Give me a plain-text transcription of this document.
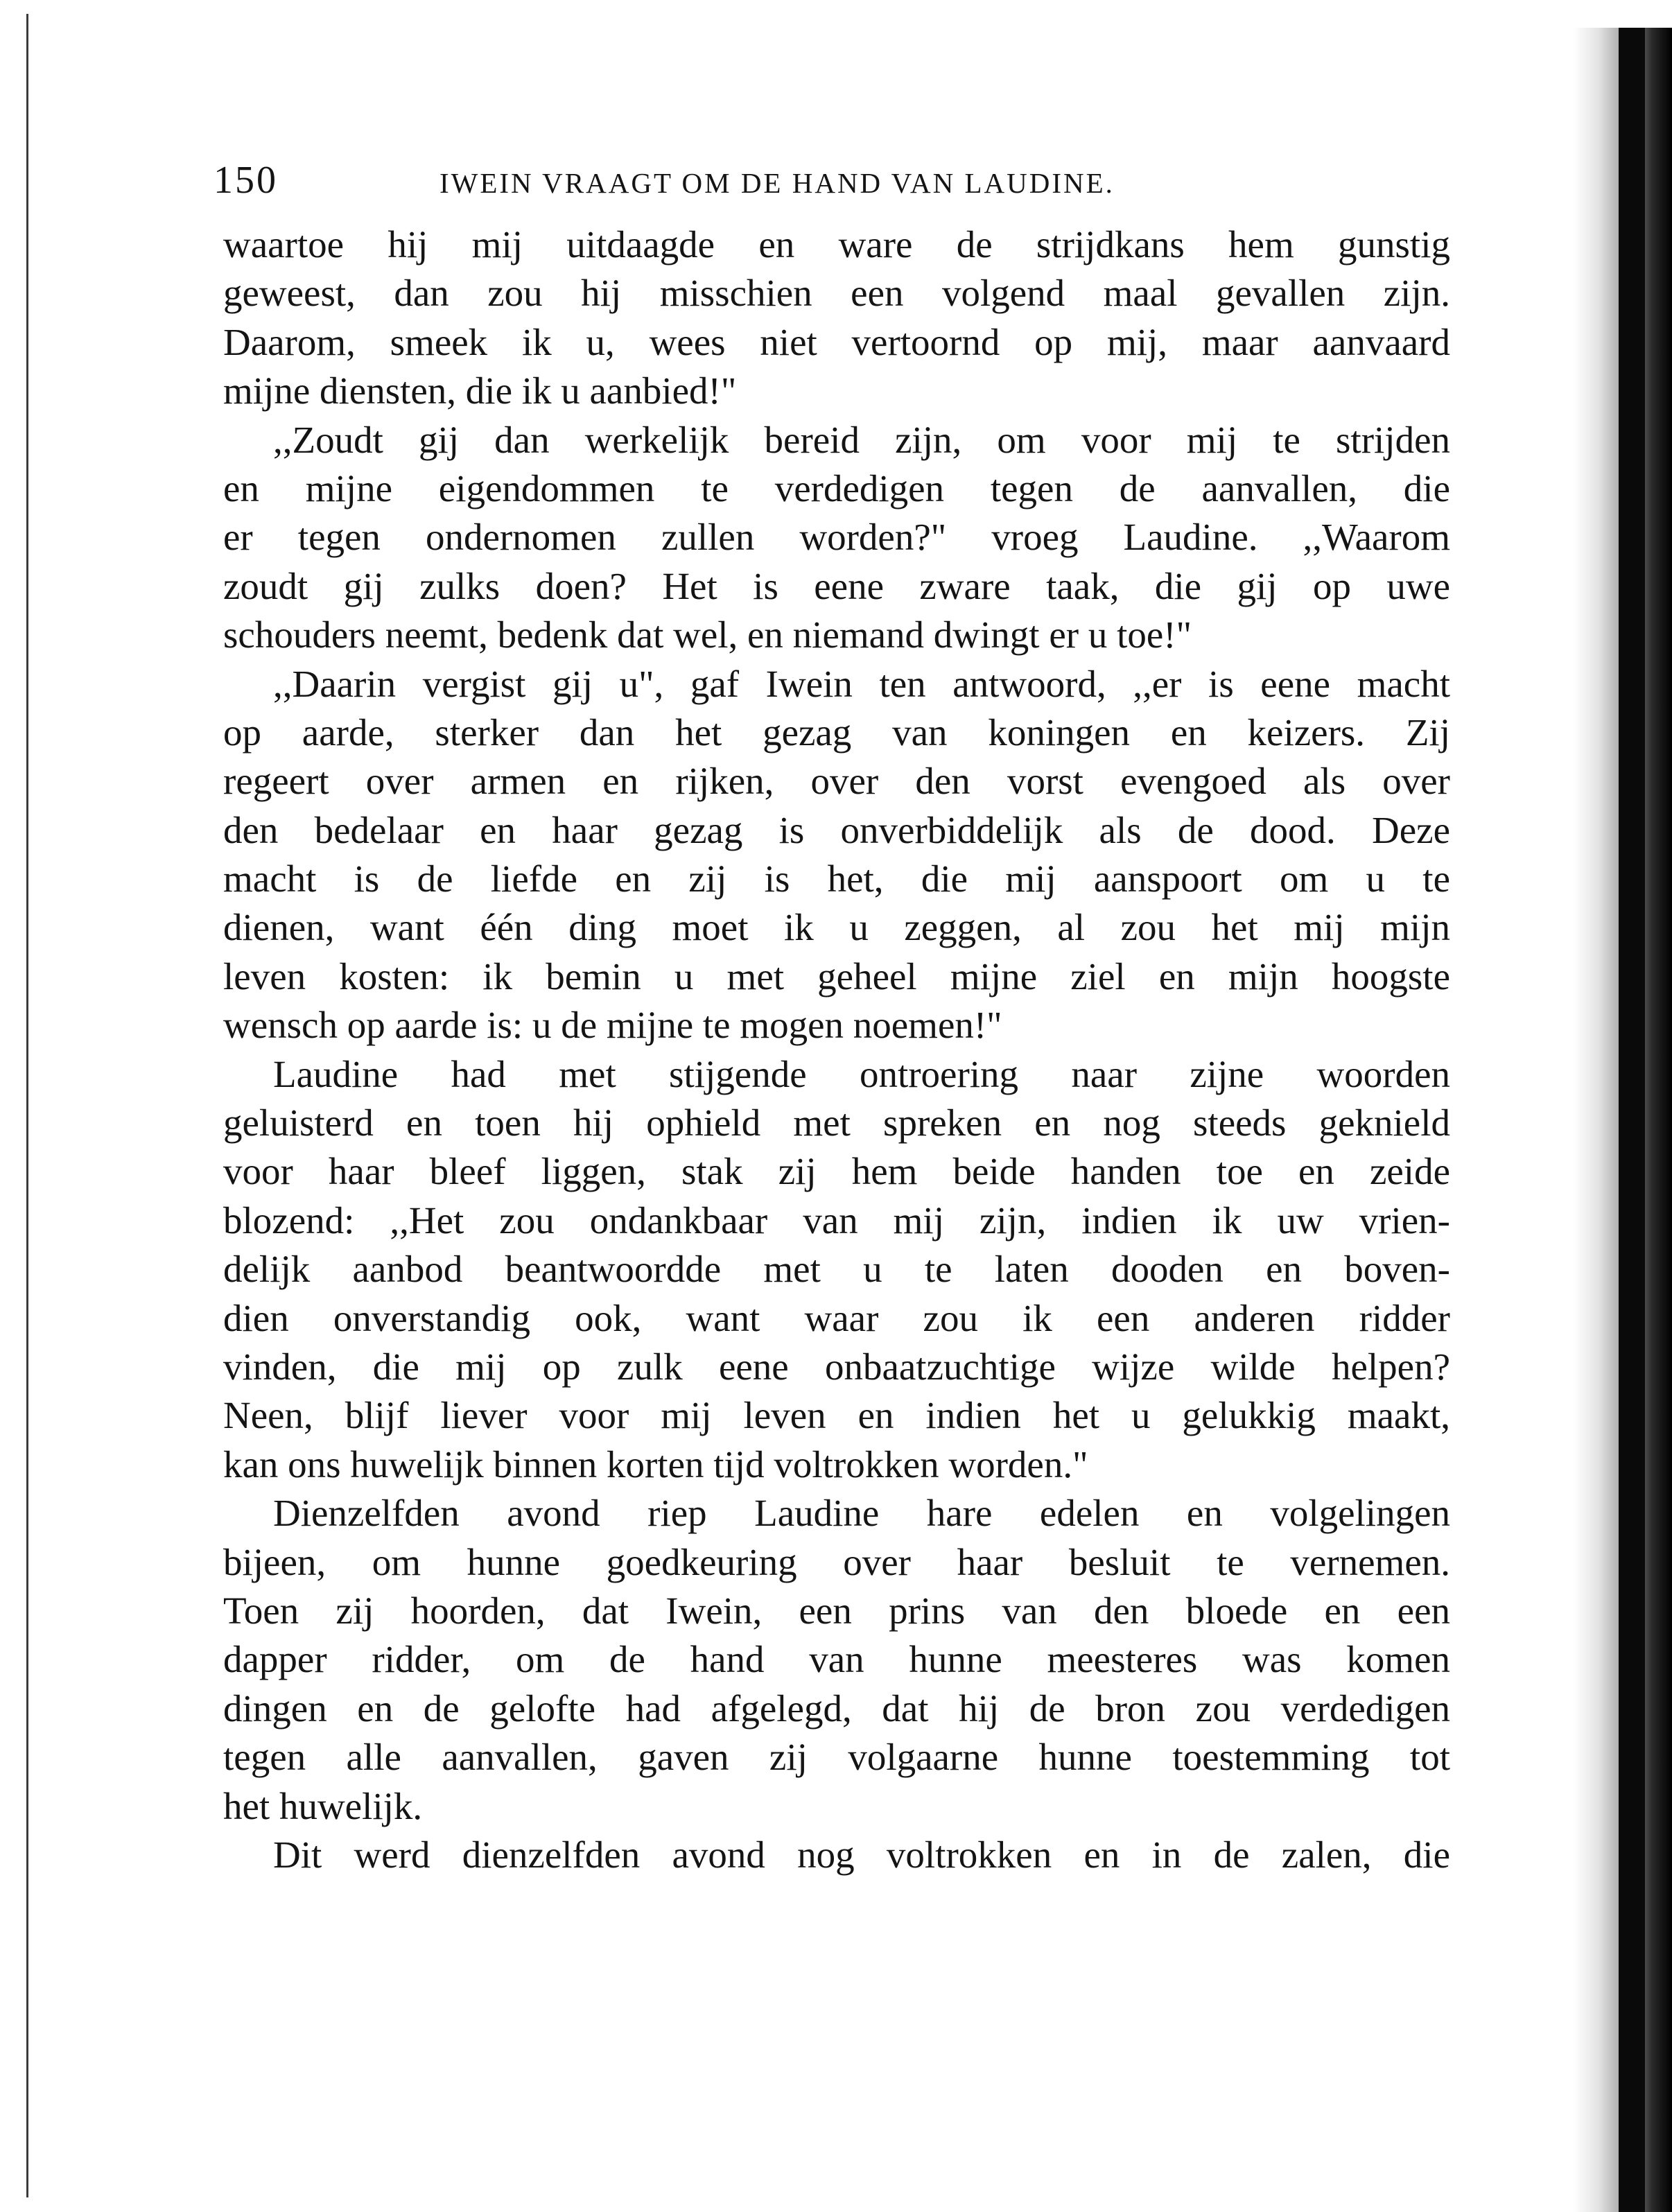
150	IWEIN VRAAGT OM DE HAND VAN LAUDINE.
waartoe hij mij uitdaagde en ware de strijdkans hem gunstig
geweest, dan zou hij misschien een volgend maal gevallen zijn.
Daarom, smeek ik u, wees niet vertoornd op mij, maar aanvaard
mijne diensten, die ik u aanbied!"
,,Zoudt gij dan werkelijk bereid zijn, om voor mij te strijden
en mijne eigendommen te verdedigen tegen de aanvallen, die
er tegen ondernomen zullen worden?" vroeg Laudine. ,,Waarom
zoudt gij zulks doen? Het is eene zware taak, die gij op uwe
schouders neemt, bedenk dat wel, en niemand dwingt er u toe!"
,,Daarin vergist gij u", gaf Iwein ten antwoord, ,,er is eene macht
op aarde, sterker dan het gezag van koningen en keizers. Zij
regeert over armen en rijken, over den vorst evengoed als over
den bedelaar en haar gezag is onverbiddelijk als de dood. Deze
macht is de liefde en zij is het, die mij aanspoort om u te
dienen, want één ding moet ik u zeggen, al zou het mij mijn
leven kosten: ik bemin u met geheel mijne ziel en mijn hoogste
wensch op aarde is: u de mijne te mogen noemen!"
Laudine had met stijgende ontroering naar zijne woorden
geluisterd en toen hij ophield met spreken en nog steeds geknield
voor haar bleef liggen, stak zij hem beide handen toe en zeide
blozend: ,,Het zou ondankbaar van mij zijn, indien ik uw vrien-
delijk aanbod beantwoordde met u te laten dooden en boven-
dien onverstandig ook, want waar zou ik een anderen ridder
vinden, die mij op zulk eene onbaatzuchtige wijze wilde helpen?
Neen, blijf liever voor mij leven en indien het u gelukkig maakt,
kan ons huwelijk binnen korten tijd voltrokken worden."
Dienzelfden avond riep Laudine hare edelen en volgelingen
bijeen, om hunne goedkeuring over haar besluit te vernemen.
Toen zij hoorden, dat Iwein, een prins van den bloede en een
dapper ridder, om de hand van hunne meesteres was komen
dingen en de gelofte had afgelegd, dat hij de bron zou verdedigen
tegen alle aanvallen, gaven zij volgaarne hunne toestemming tot
het huwelijk.
Dit werd dienzelfden avond nog voltrokken en in de zalen, die
